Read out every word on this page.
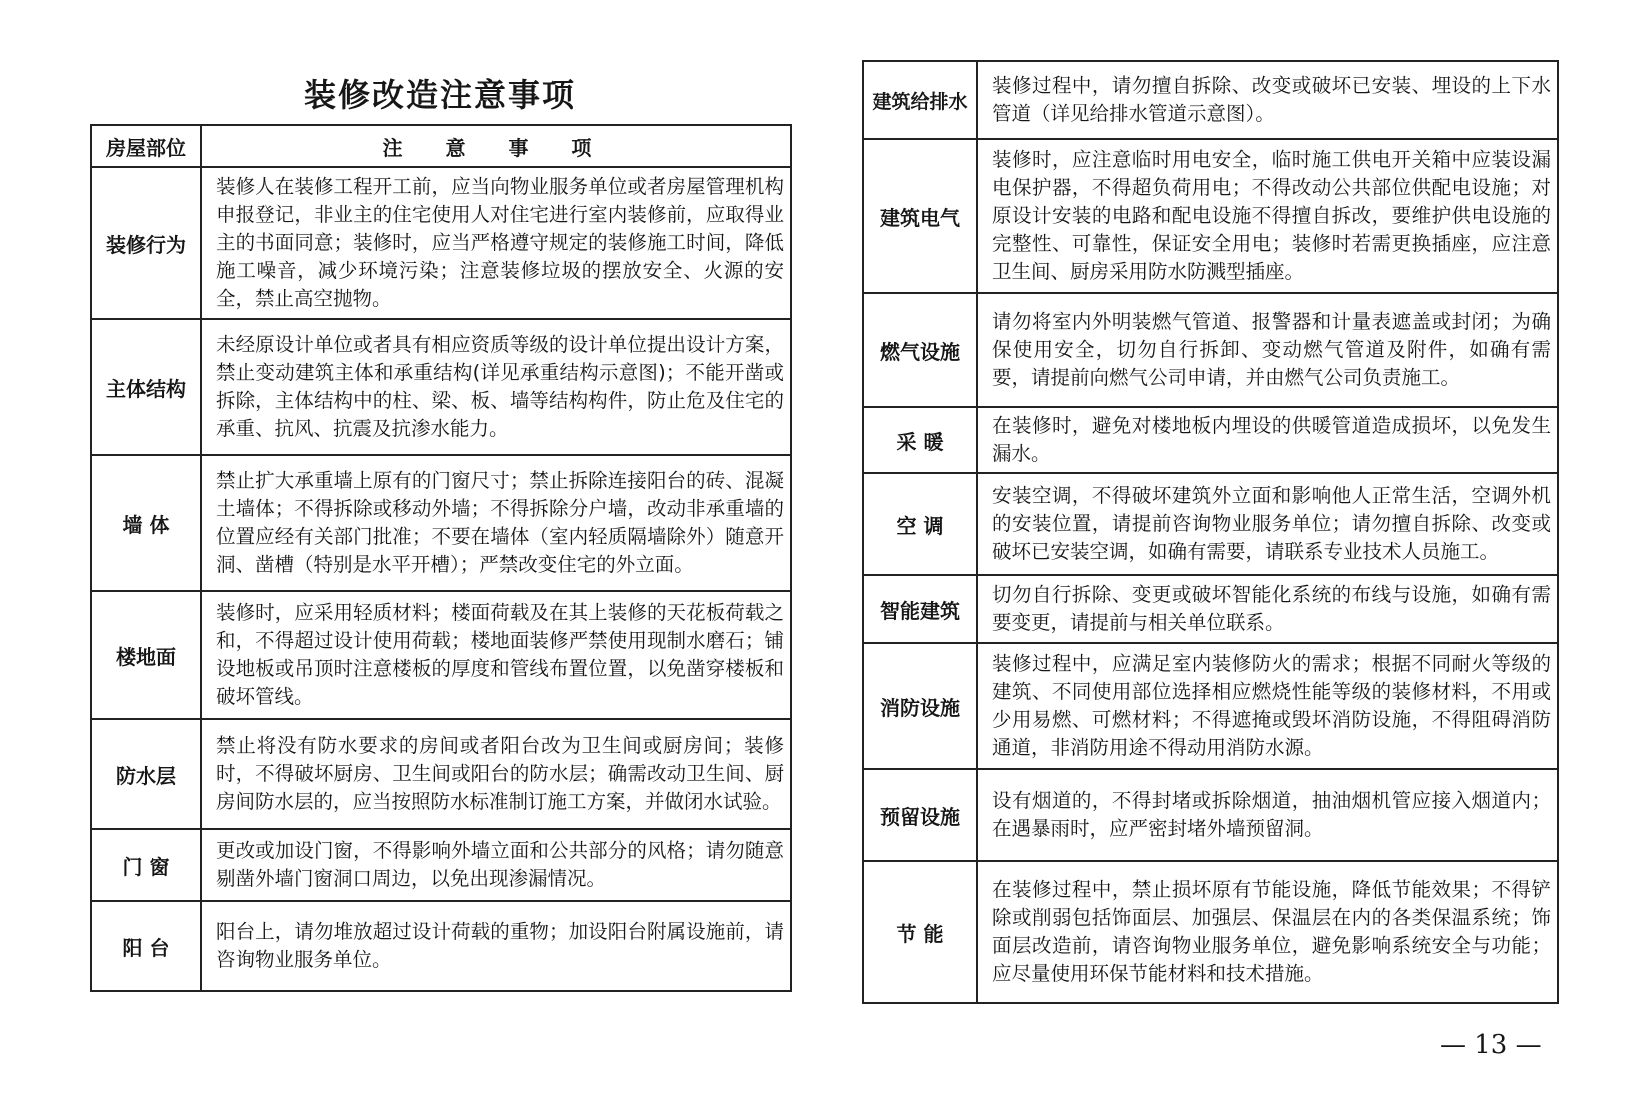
装修改造注意事项
房屋部位	注 意 事 项
装修行为	装修人在装修工程开工前，应当向物业服务单位或者房屋管理机构申报登记，非业主的住宅使用人对住宅进行室内装修前，应取得业主的书面同意；装修时，应当严格遵守规定的装修施工时间，降低施工噪音，减少环境污染；注意装修垃圾的摆放安全、火源的安全，禁止高空抛物。
主体结构	未经原设计单位或者具有相应资质等级的设计单位提出设计方案，禁止变动建筑主体和承重结构(详见承重结构示意图)；不能开凿或拆除，主体结构中的柱、梁、板、墙等结构构件，防止危及住宅的承重、抗风、抗震及抗渗水能力。
墙 体	禁止扩大承重墙上原有的门窗尺寸；禁止拆除连接阳台的砖、混凝土墙体；不得拆除或移动外墙；不得拆除分户墙，改动非承重墙的位置应经有关部门批准；不要在墙体（室内轻质隔墙除外）随意开洞、凿槽（特别是水平开槽）；严禁改变住宅的外立面。
楼地面	装修时，应采用轻质材料；楼面荷载及在其上装修的天花板荷载之和，不得超过设计使用荷载；楼地面装修严禁使用现制水磨石；铺设地板或吊顶时注意楼板的厚度和管线布置位置，以免凿穿楼板和破坏管线。
防水层	禁止将没有防水要求的房间或者阳台改为卫生间或厨房间；装修时，不得破坏厨房、卫生间或阳台的防水层；确需改动卫生间、厨房间防水层的，应当按照防水标准制订施工方案，并做闭水试验。
门 窗	更改或加设门窗，不得影响外墙立面和公共部分的风格；请勿随意剔凿外墙门窗洞口周边，以免出现渗漏情况。
阳 台	阳台上，请勿堆放超过设计荷载的重物；加设阳台附属设施前，请咨询物业服务单位。
建筑给排水	装修过程中，请勿擅自拆除、改变或破坏已安装、埋设的上下水管道（详见给排水管道示意图）。
建筑电气	装修时，应注意临时用电安全，临时施工供电开关箱中应装设漏电保护器，不得超负荷用电；不得改动公共部位供配电设施；对原设计安装的电路和配电设施不得擅自拆改，要维护供电设施的完整性、可靠性，保证安全用电；装修时若需更换插座，应注意卫生间、厨房采用防水防溅型插座。
燃气设施	请勿将室内外明装燃气管道、报警器和计量表遮盖或封闭；为确保使用安全，切勿自行拆卸、变动燃气管道及附件，如确有需要，请提前向燃气公司申请，并由燃气公司负责施工。
采 暖	在装修时，避免对楼地板内埋设的供暖管道造成损坏，以免发生漏水。
空 调	安装空调，不得破坏建筑外立面和影响他人正常生活，空调外机的安装位置，请提前咨询物业服务单位；请勿擅自拆除、改变或破坏已安装空调，如确有需要，请联系专业技术人员施工。
智能建筑	切勿自行拆除、变更或破坏智能化系统的布线与设施，如确有需要变更，请提前与相关单位联系。
消防设施	装修过程中，应满足室内装修防火的需求；根据不同耐火等级的建筑、不同使用部位选择相应燃烧性能等级的装修材料，不用或少用易燃、可燃材料；不得遮掩或毁坏消防设施，不得阻碍消防通道，非消防用途不得动用消防水源。
预留设施	设有烟道的，不得封堵或拆除烟道，抽油烟机管应接入烟道内；在遇暴雨时，应严密封堵外墙预留洞。
节 能	在装修过程中，禁止损坏原有节能设施，降低节能效果；不得铲除或削弱包括饰面层、加强层、保温层在内的各类保温系统；饰面层改造前，请咨询物业服务单位，避免影响系统安全与功能；应尽量使用环保节能材料和技术措施。
— 13 —
